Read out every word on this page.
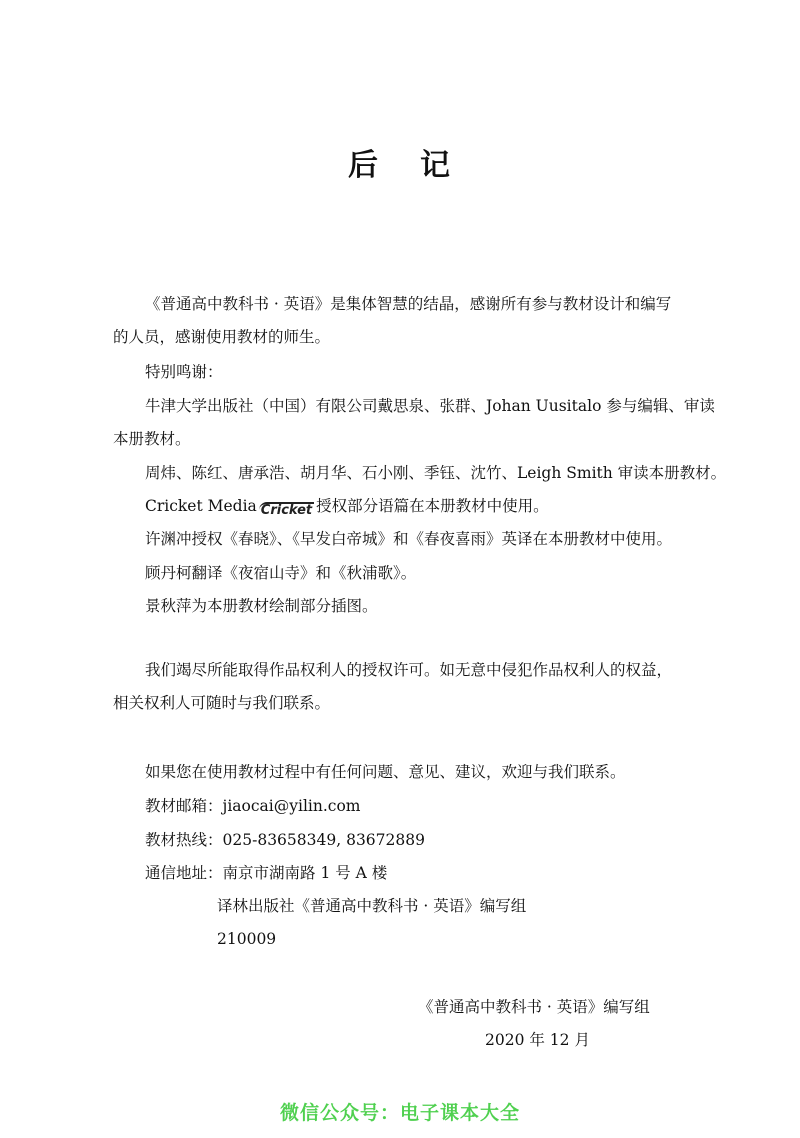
后 记
《普通高中教科书 · 英语》是集体智慧的结晶，感谢所有参与教材设计和编写
的人员，感谢使用教材的师生。
特别鸣谢：
牛津大学出版社（中国）有限公司戴思泉、张群、Johan Uusitalo 参与编辑、审读
本册教材。
周炜、陈红、唐承浩、胡月华、石小刚、季钰、沈竹、Leigh Smith 审读本册教材。
Cricket Media Cricket 授权部分语篇在本册教材中使用。
许渊冲授权《春晓》、《早发白帝城》和《春夜喜雨》英译在本册教材中使用。
顾丹柯翻译《夜宿山寺》和《秋浦歌》。
景秋萍为本册教材绘制部分插图。
我们竭尽所能取得作品权利人的授权许可。如无意中侵犯作品权利人的权益，
相关权利人可随时与我们联系。
如果您在使用教材过程中有任何问题、意见、建议，欢迎与我们联系。
教材邮箱：jiaocai@yilin.com
教材热线：025-83658349, 83672889
通信地址：南京市湖南路 1 号 A 楼
译林出版社《普通高中教科书 · 英语》编写组
210009
《普通高中教科书 · 英语》编写组
2020 年 12 月
微信公众号：电子课本大全
